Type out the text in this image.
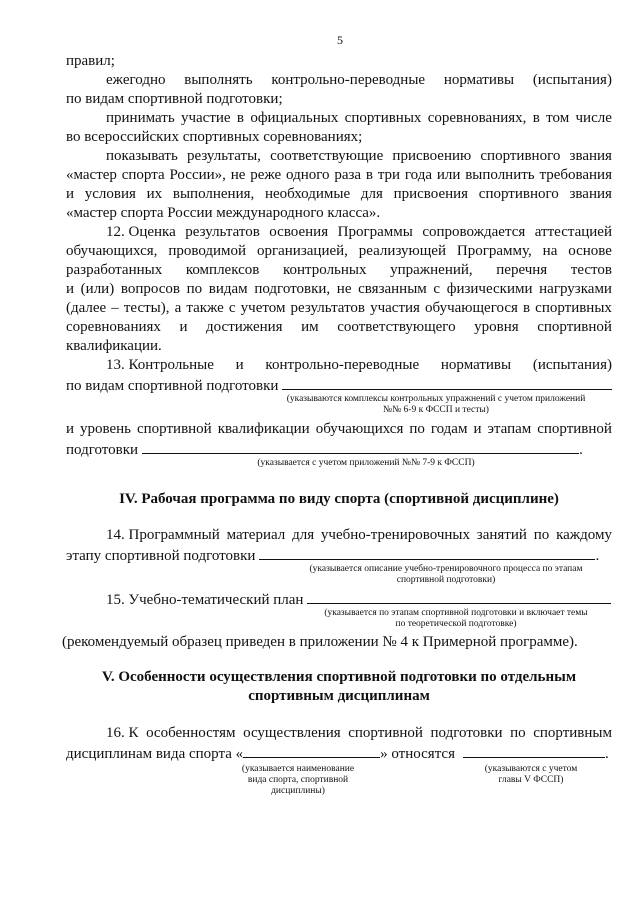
5
правил;
ежегодно выполнять контрольно-переводные нормативы (испытания)
по видам спортивной подготовки;
принимать участие в официальных спортивных соревнованиях, в том числе
во всероссийских спортивных соревнованиях;
показывать результаты, соответствующие присвоению спортивного звания
«мастер спорта России», не реже одного раза в три года или выполнить требования
и условия их выполнения, необходимые для присвоения спортивного звания
«мастер спорта России международного класса».
12. Оценка результатов освоения Программы сопровождается аттестацией
обучающихся, проводимой организацией, реализующей Программу, на основе
разработанных комплексов контрольных упражнений, перечня тестов
и (или) вопросов по видам подготовки, не связанным с физическими нагрузками
(далее – тесты), а также с учетом результатов участия обучающегося в спортивных
соревнованиях и достижения им соответствующего уровня спортивной
квалификации.
13. Контрольные и контрольно-переводные нормативы (испытания)
по видам спортивной подготовки
(указываются комплексы контрольных упражнений с учетом приложений
№№ 6-9 к ФССП и тесты)
и уровень спортивной квалификации обучающихся по годам и этапам спортивной
подготовки	.
(указывается с учетом приложений №№ 7-9 к ФССП)
IV. Рабочая программа по виду спорта (спортивной дисциплине)
14. Программный материал для учебно-тренировочных занятий по каждому
этапу спортивной подготовки	.
(указывается описание учебно-тренировочного процесса по этапам
спортивной подготовки)
15. Учебно-тематический план
(указывается по этапам спортивной подготовки и включает темы
по теоретической подготовке)
(рекомендуемый образец приведен в приложении № 4 к Примерной программе).
V. Особенности осуществления спортивной подготовки по отдельным
спортивным дисциплинам
16. К особенностям осуществления спортивной подготовки по спортивным
дисциплинам вида спорта «	» относятся	.
(указывается наименование
вида спорта, спортивной
дисциплины)
(указываются с учетом
главы V ФССП)
